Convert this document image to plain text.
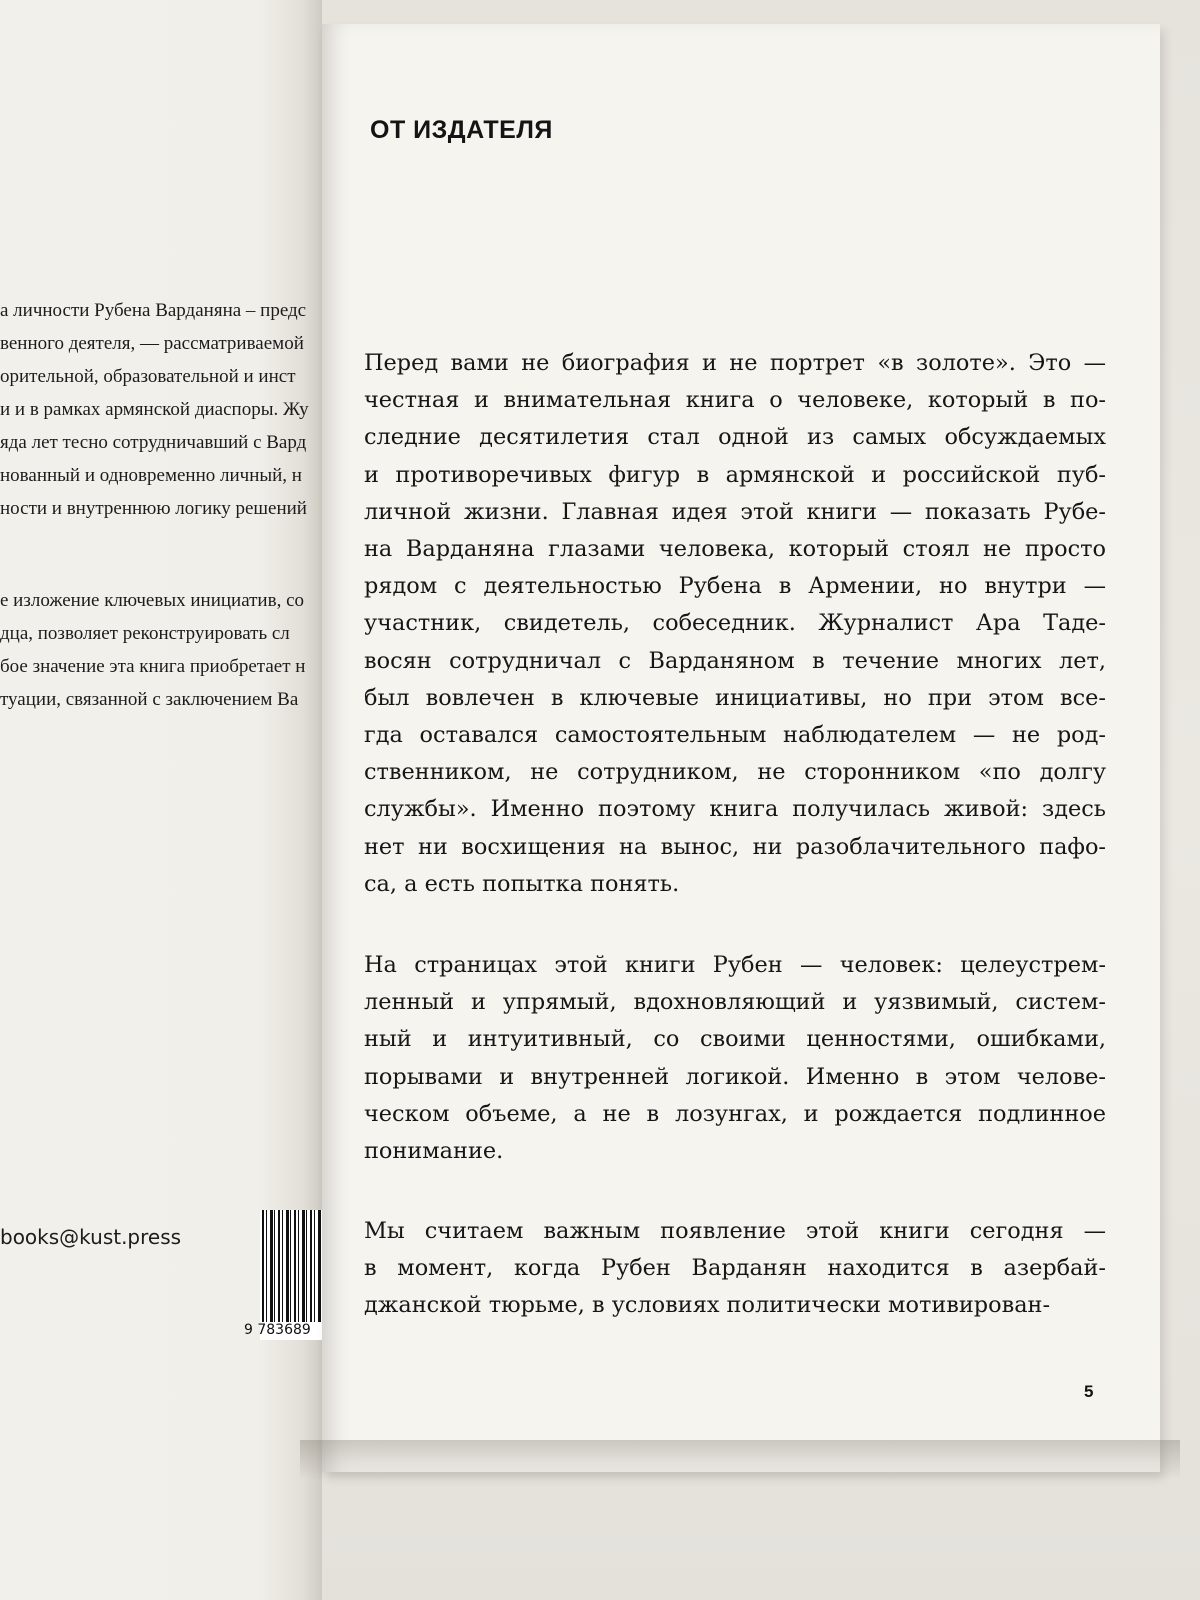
а личности Рубена Варданяна – предс
венного деятеля, — рассматриваемой
орительной, образовательной и инст
и и в рамках армянской диаспоры. Жу
яда лет тесно сотрудничавший с Вард
нованный и одновременно личный, н
ности и внутреннюю логику решений
е изложение ключевых инициатив, со
дца, позволяет реконструировать сл
бое значение эта книга приобретает н
туации, связанной с заключением Ва
books@kust.press
9 783689
ОТ ИЗДАТЕЛЯ
Перед вами не биография и не портрет «в золоте». Это —
честная и внимательная книга о человеке, который в по-
следние десятилетия стал одной из самых обсуждаемых
и противоречивых фигур в армянской и российской пуб-
личной жизни. Главная идея этой книги — показать Рубе-
на Варданяна глазами человека, который стоял не просто
рядом с деятельностью Рубена в Армении, но внутри —
участник, свидетель, собеседник. Журналист Ара Таде-
восян сотрудничал с Варданяном в течение многих лет,
был вовлечен в ключевые инициативы, но при этом все-
гда оставался самостоятельным наблюдателем — не род-
ственником, не сотрудником, не сторонником «по долгу
службы». Именно поэтому книга получилась живой: здесь
нет ни восхищения на вынос, ни разоблачительного пафо-
са, а есть попытка понять.
На страницах этой книги Рубен — человек: целеустрем-
ленный и упрямый, вдохновляющий и уязвимый, систем-
ный и интуитивный, со своими ценностями, ошибками,
порывами и внутренней логикой. Именно в этом челове-
ческом объеме, а не в лозунгах, и рождается подлинное
понимание.
Мы считаем важным появление этой книги сегодня —
в момент, когда Рубен Варданян находится в азербай-
джанской тюрьме, в условиях политически мотивирован-
5
